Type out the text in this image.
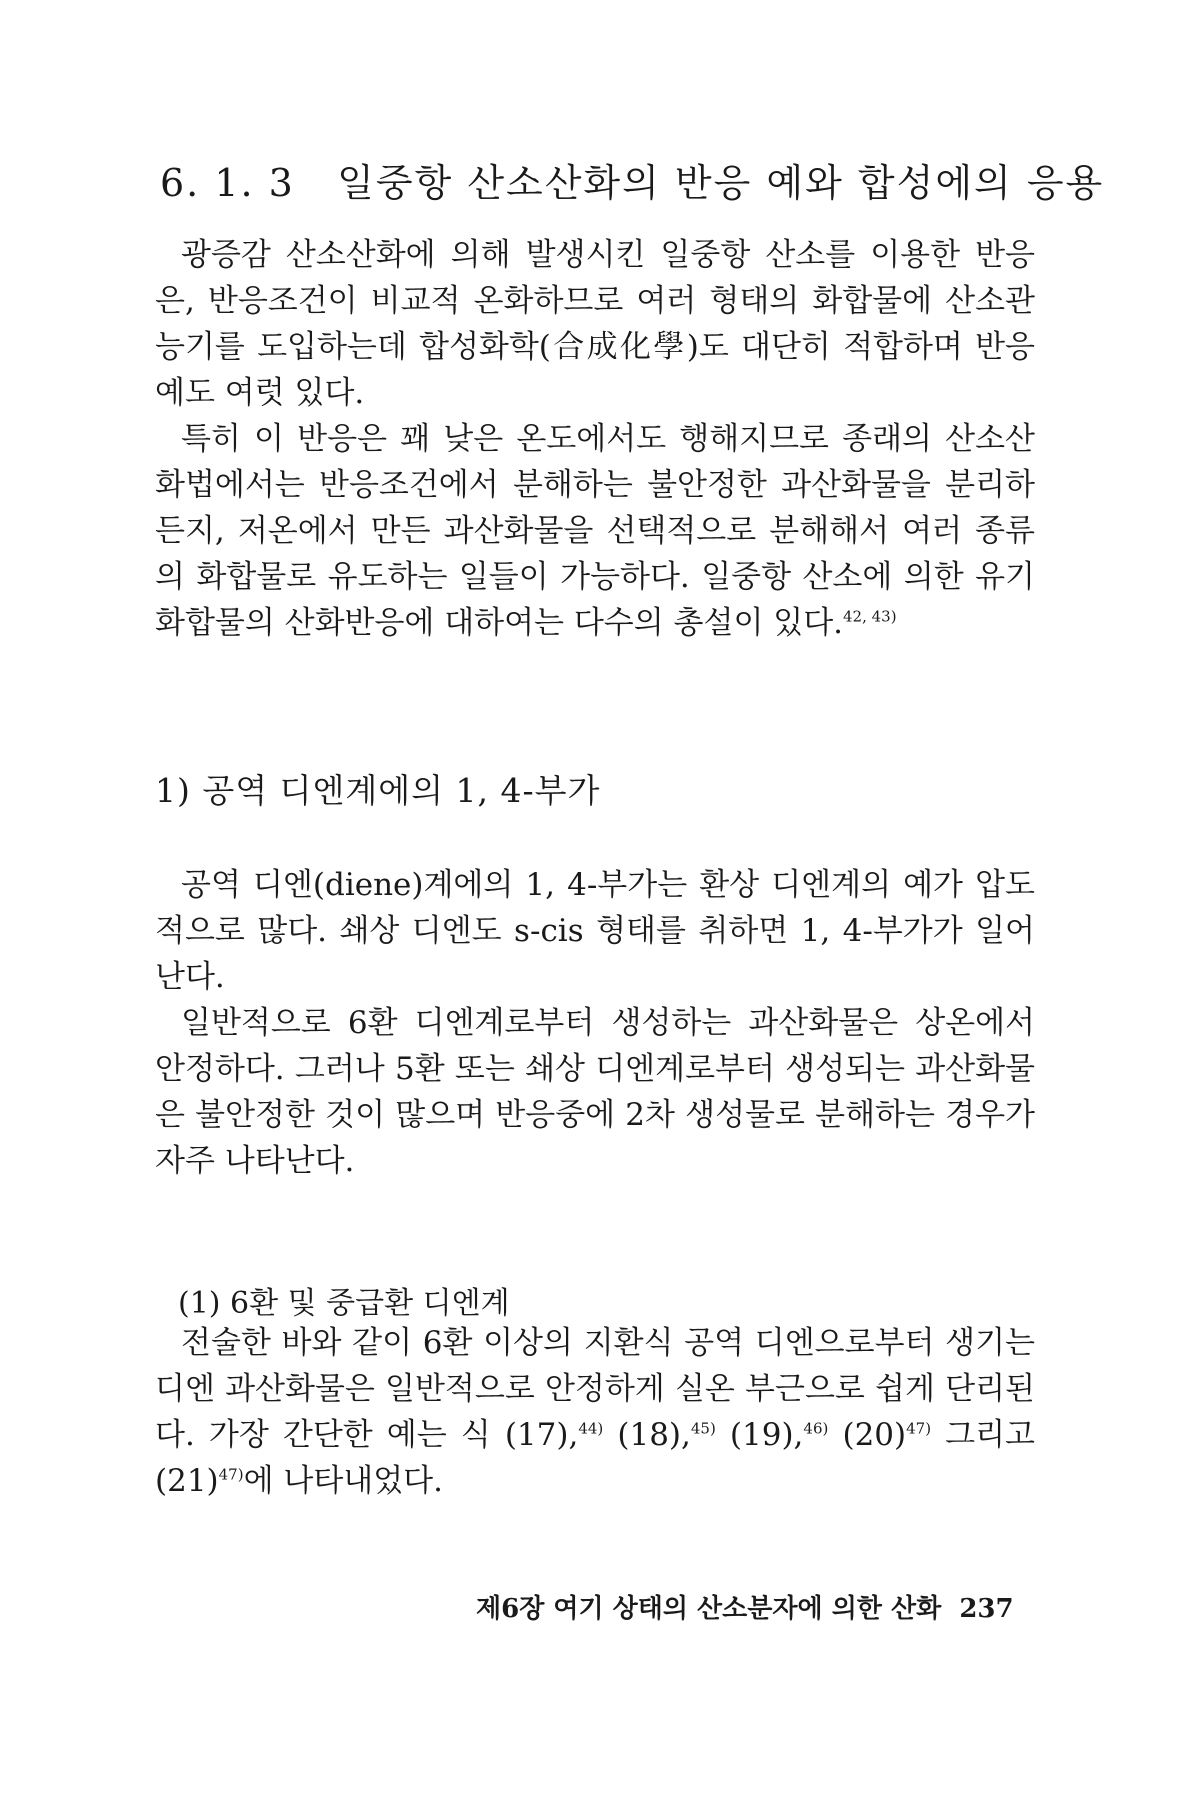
6. 1. 3 일중항 산소산화의 반응 예와 합성에의 응용

광증감 산소산화에 의해 발생시킨 일중항 산소를 이용한 반응은, 반응조건이 비교적 온화하므로 여러 형태의 화합물에 산소관능기를 도입하는데 합성화학(合成化學)도 대단히 적합하며 반응 예도 여럿 있다.

특히 이 반응은 꽤 낮은 온도에서도 행해지므로 종래의 산소산화법에서는 반응조건에서 분해하는 불안정한 과산화물을 분리하든지, 저온에서 만든 과산화물을 선택적으로 분해해서 여러 종류의 화합물로 유도하는 일들이 가능하다. 일중항 산소에 의한 유기 화합물의 산화반응에 대하여는 다수의 총설이 있다.$^{42, 43)}$

1) 공역 디엔계에의 1, 4-부가

공역 디엔(diene)계에의 1, 4-부가는 환상 디엔계의 예가 압도적으로 많다. 쇄상 디엔도 s-cis 형태를 취하면 1, 4-부가가 일어난다.

일반적으로 6환 디엔계로부터 생성하는 과산화물은 상온에서 안정하다. 그러나 5환 또는 쇄상 디엔계로부터 생성되는 과산화물은 불안정한 것이 많으며 반응중에 2차 생성물로 분해하는 경우가 자주 나타난다.

(1) 6환 및 중급환 디엔계

전술한 바와 같이 6환 이상의 지환식 공역 디엔으로부터 생기는 디엔 과산화물은 일반적으로 안정하게 실온 부근으로 쉽게 단리된다. 가장 간단한 예는 식 (17),$^{44)}$ (18),$^{45)}$ (19),$^{46)}$ $(20)^{47)}$ 그리고 $(21)^{47)}$에 나타내었다.

제6장 여기 상태의 산소분자에 의한 산화 237
